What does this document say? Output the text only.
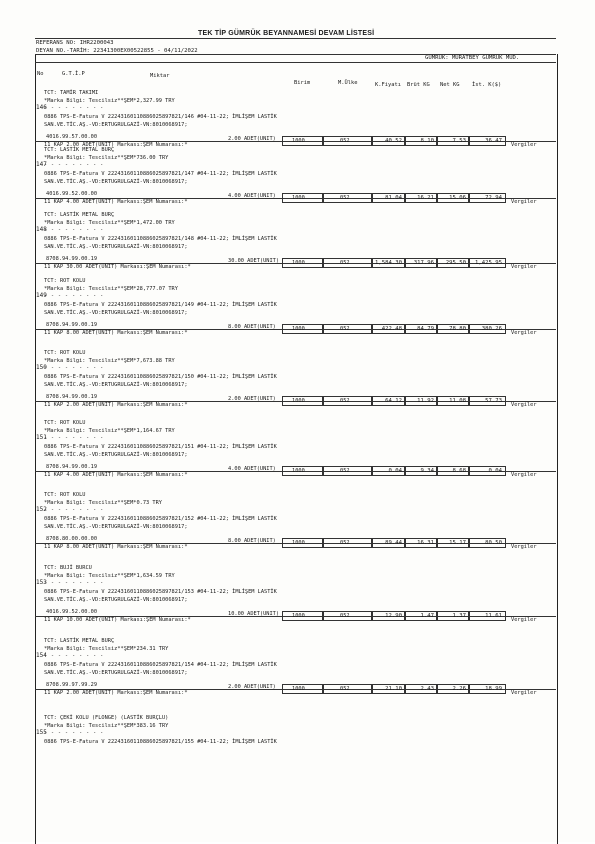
TEK TİP GÜMRÜK BEYANNAMESİ DEVAM LİSTESİ
REFERANS NO: IHR2200043
DEYAN NO.-TARİH: 22341300EX00522855 - 04/11/2022
GÜMRÜK: MURATBEY GÜMRÜK MÜD.
No	G.T.İ.P	Miktar
Birim	M.Ülke	K.Fiyatı Brüt KG Net KG İst. K($)
146
TCT: TAMİR TAKIMI
*Marka Bilgi: Tescilsiz**ŞEM*2,327.99 TRY
0886 TPS-E-Fatura V 222431601108860258978​21/146 #04-11-22; İMLİŞEM LASTİK
SAN.VE.TİC.AŞ.-VD:ERTUGRULGAZİ-VN:8010068917;
- - - - - - - - -
4016.99.57.00.00
11 KAP 2.00 ADET(UNIT) Markası:ŞEM Numarası:*
2.00 ADET(UNIT)	1000	052	40.52	8.10	7.53	36.47
Vergiler
147
TCT: LASTİK METAL BURÇ
*Marka Bilgi: Tescilsiz**ŞEM*736.00 TRY
0886 TPS-E-Fatura V 2224316011088602589782​1/147 #04-11-22; İMLİŞEM LASTİK
SAN.VE.TİC.AŞ.-VD:ERTUGRULGAZİ-VN:8010068917;
- - - - - - - - -
4016.99.52.00.00
11 KAP 4.00 ADET(UNIT) Markası:ŞEM Numarası:*
4.00 ADET(UNIT)	1000	052	81.04	16.21	15.06	72.94
Vergiler
148
TCT: LASTİK METAL BURÇ
*Marka Bilgi: Tescilsiz**ŞEM*1,472.00 TRY
0886 TPS-E-Fatura V 222431601108860258978​21/148 #04-11-22; İMLİŞEM LASTİK
SAN.VE.TİC.AŞ.-VD:ERTUGRULGAZİ-VN:8010068917;
- - - - - - - - -
8708.94.99.00.19
11 KAP 30.00 ADET(UNIT) Markası:ŞEM Numarası:*
30.00 ADET(UNIT) 1000	052	1,584.30	317.96	295.50	1,425.95
Vergiler
149
TCT: ROT KOLU
*Marka Bilgi: Tescilsiz**ŞEM*28,777.07 TRY
0886 TPS-E-Fatura V 222431601108860258978​21/149 #04-11-22; İMLİŞEM LASTİK
SAN.VE.TİC.AŞ.-VD:ERTUGRULGAZİ-VN:8010068917;
- - - - - - - - -
8708.94.99.00.19
11 KAP 8.00 ADET(UNIT) Markası:ŞEM Numarası:*
8.00 ADET(UNIT)	1000	052	422.48	84.79	78.80	380.26
Vergiler
150
TCT: ROT KOLU
*Marka Bilgi: Tescilsiz**ŞEM*7,673.88 TRY
0886 TPS-E-Fatura V 222431601108860258978​21/150 #04-11-22; İMLİŞEM LASTİK
SAN.VE.TİC.AŞ.-VD:ERTUGRULGAZİ-VN:8010068917;
- - - - - - - - -
8708.94.99.00.19
11 KAP 2.00 ADET(UNIT) Markası:ŞEM Numarası:*
2.00 ADET(UNIT)	1000	052	64.12	11.92	11.08	57.73
Vergiler
151
TCT: ROT KOLU
*Marka Bilgi: Tescilsiz**ŞEM*1,164.67 TRY
0886 TPS-E-Fatura V 222431601108860258978​21/151 #04-11-22; İMLİŞEM LASTİK
SAN.VE.TİC.AŞ.-VD:ERTUGRULGAZİ-VN:8010068917;
- - - - - - - - -
8708.94.99.00.19
11 KAP 4.00 ADET(UNIT) Markası:ŞEM Numarası:*
4.00 ADET(UNIT)	1000	052	0.04	9.34	8.68	0.04
Vergiler
152
TCT: ROT KOLU
*Marka Bilgi: Tescilsiz**ŞEM*0.73 TRY
0886 TPS-E-Fatura V 222431601108860258978​21/152 #04-11-22; İMLİŞEM LASTİK
SAN.VE.TİC.AŞ.-VD:ERTUGRULGAZİ-VN:8010068917;
- - - - - - - - -
8708.80.00.00.00
11 KAP 8.00 ADET(UNIT) Markası:ŞEM Numarası:*
8.00 ADET(UNIT)	1000	052	89.44	16.31	15.17	80.50
Vergiler
153
TCT: BUJİ BURCU
*Marka Bilgi: Tescilsiz**ŞEM*1,634.59 TRY
0886 TPS-E-Fatura V 222431601108860258978​21/153 #04-11-22; İMLİŞEM LASTİK
SAN.VE.TİC.AŞ.-VD:ERTUGRULGAZİ-VN:8010068917;
- - - - - - - - -
4016.99.52.00.00
11 KAP 10.00 ADET(UNIT) Markası:ŞEM Numarası:*
10.00 ADET(UNIT) 1000	052	12.90	1.47	1.37	11.61
Vergiler
154
TCT: LASTİK METAL BURÇ
*Marka Bilgi: Tescilsiz**ŞEM*234.31 TRY
0886 TPS-E-Fatura V 222431601108860258978​21/154 #04-11-22; İMLİŞEM LASTİK
SAN.VE.TİC.AŞ.-VD:ERTUGRULGAZİ-VN:8010068917;
- - - - - - - - -
8708.99.97.99.29
11 KAP 2.00 ADET(UNIT) Markası:ŞEM Numarası:*
2.00 ADET(UNIT)	1000	052	21.10	2.43	2.26	18.99
Vergiler
155
TCT: ÇEKİ KOLU (FLONGE) (LASTİK BURÇLU)
*Marka Bilgi: Tescilsiz**ŞEM*383.16 TRY
0886 TPS-E-Fatura V 222431601108860258978​21/155 #04-11-22; İMLİŞEM LASTİK
- - - - - - - - -
